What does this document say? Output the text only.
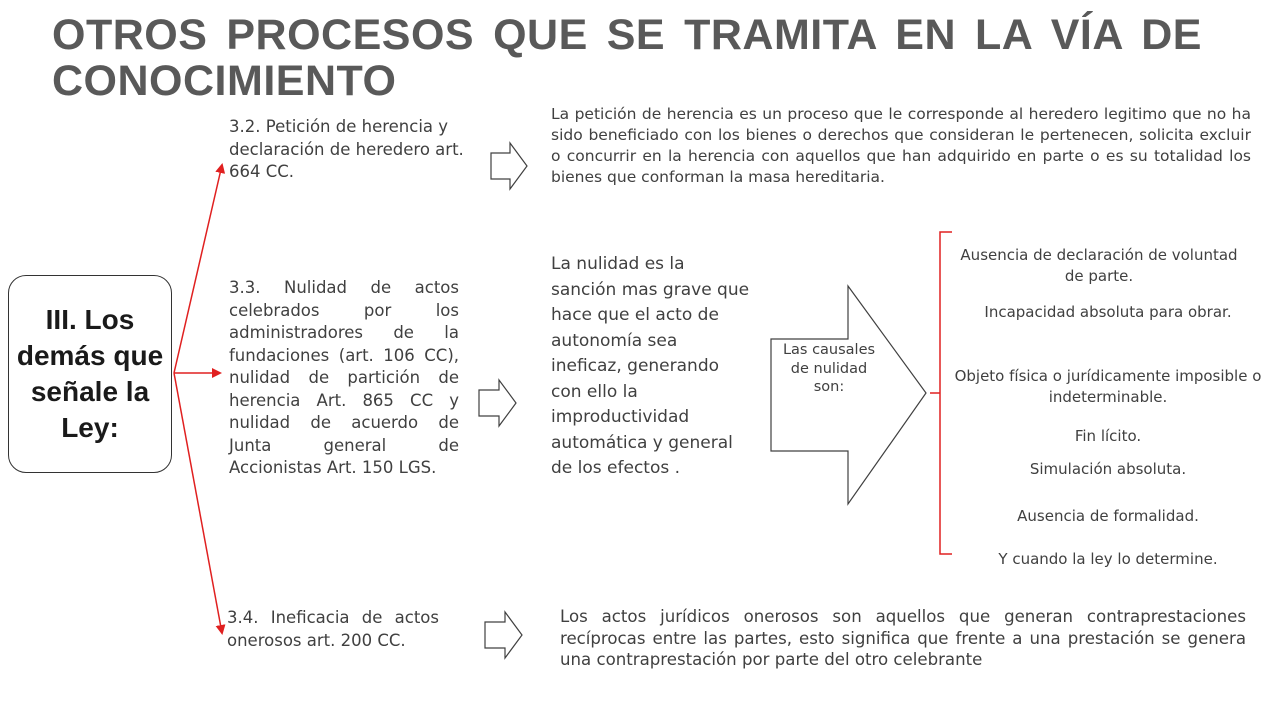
OTROS PROCESOS QUE SE TRAMITA EN LA VÍA DE
CONOCIMIENTO
III. Los demás que señale la Ley:
3.2. Petición de herencia y declaración de heredero art. 664 CC.
3.3. Nulidad de actos celebrados por los administradores de la fundaciones (art. 106 CC), nulidad de partición de herencia Art. 865 CC y nulidad de acuerdo de Junta general de Accionistas Art. 150 LGS.
3.4. Ineficacia de actos onerosos art. 200 CC.
La petición de herencia es un proceso que le corresponde al heredero legitimo que no ha sido beneficiado con los bienes o derechos que consideran le pertenecen, solicita excluir o concurrir en la herencia con aquellos que han adquirido en parte o es su totalidad los bienes que conforman la masa hereditaria.
La nulidad es la sanción mas grave que hace que el acto de autonomía sea ineficaz, generando con ello la improductividad automática y general de los efectos .
Los actos jurídicos onerosos son aquellos que generan contraprestaciones recíprocas entre las partes, esto significa que frente a una prestación se genera una contraprestación por parte del otro celebrante
Las causales de nulidad son:
Ausencia de declaración de voluntad de parte.
Incapacidad absoluta para obrar.
Objeto física o jurídicamente imposible o indeterminable.
Fin lícito.
Simulación absoluta.
Ausencia de formalidad.
Y cuando la ley lo determine.
